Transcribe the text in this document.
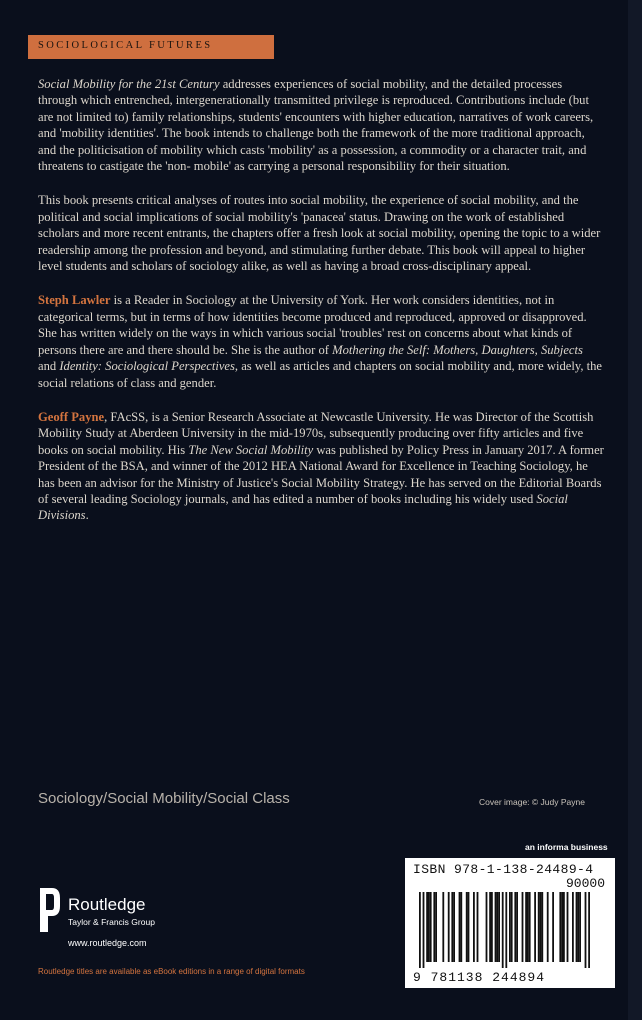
SOCIOLOGICAL FUTURES

Social Mobility for the 21st Century addresses experiences of social mobility, and the detailed processes through which entrenched, intergenerationally transmitted privilege is reproduced. Contributions include (but are not limited to) family relationships, students' encounters with higher education, narratives of work careers, and 'mobility identities'. The book intends to challenge both the framework of the more traditional approach, and the politicisation of mobility which casts 'mobility' as a possession, a commodity or a character trait, and threatens to castigate the 'non- mobile' as carrying a personal responsibility for their situation.

This book presents critical analyses of routes into social mobility, the experience of social mobility, and the political and social implications of social mobility's 'panacea' status. Drawing on the work of established scholars and more recent entrants, the chapters offer a fresh look at social mobility, opening the topic to a wider readership among the profession and beyond, and stimulating further debate. This book will appeal to higher level students and scholars of sociology alike, as well as having a broad cross-disciplinary appeal.

Steph Lawler is a Reader in Sociology at the University of York. Her work considers identities, not in categorical terms, but in terms of how identities become produced and reproduced, approved or disapproved. She has written widely on the ways in which various social 'troubles' rest on concerns about what kinds of persons there are and there should be. She is the author of Mothering the Self: Mothers, Daughters, Subjects and Identity: Sociological Perspectives, as well as articles and chapters on social mobility and, more widely, the social relations of class and gender.

Geoff Payne, FAcSS, is a Senior Research Associate at Newcastle University. He was Director of the Scottish Mobility Study at Aberdeen University in the mid-1970s, subsequently producing over fifty articles and five books on social mobility. His The New Social Mobility was published by Policy Press in January 2017. A former President of the BSA, and winner of the 2012 HEA National Award for Excellence in Teaching Sociology, he has been an advisor for the Ministry of Justice's Social Mobility Strategy. He has served on the Editorial Boards of several leading Sociology journals, and has edited a number of books including his widely used Social Divisions.

Sociology/Social Mobility/Social Class	Cover image: © Judy Payne
an informa business
ISBN 978-1-138-24489-4
90000
9 781138 244894
Routledge
Taylor & Francis Group
www.routledge.com
Routledge titles are available as eBook editions in a range of digital formats
